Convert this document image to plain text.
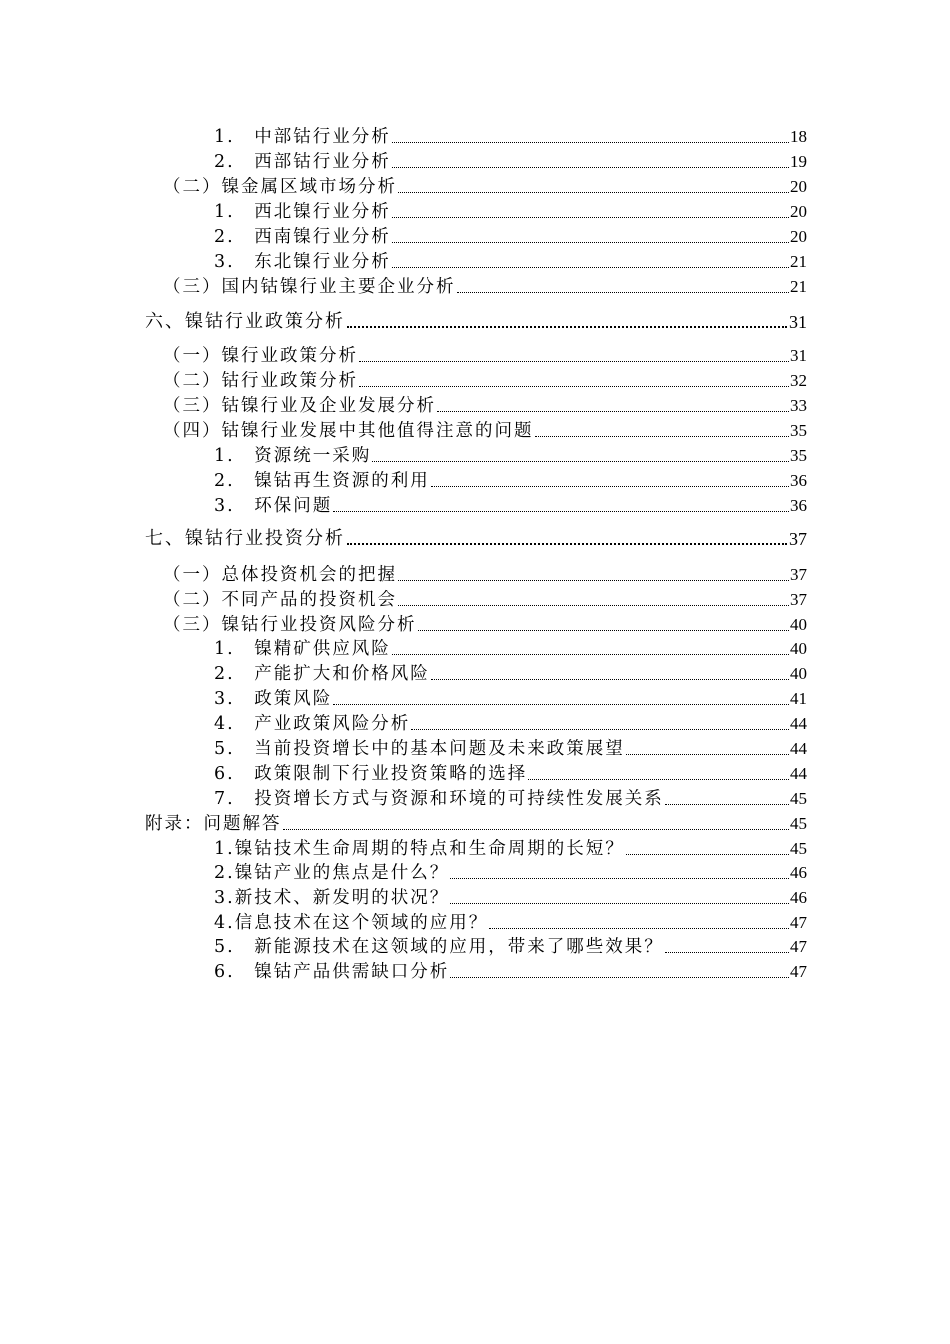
1.　中部钴行业分析	18
2.　西部钴行业分析	19
（二）镍金属区域市场分析	20
1.　西北镍行业分析	20
2.　西南镍行业分析	20
3.　东北镍行业分析	21
（三）国内钴镍行业主要企业分析	21
六、镍钴行业政策分析	31
（一）镍行业政策分析	31
（二）钴行业政策分析	32
（三）钴镍行业及企业发展分析	33
（四）钴镍行业发展中其他值得注意的问题	35
1.　资源统一采购	35
2.　镍钴再生资源的利用	36
3.　环保问题	36
七、镍钴行业投资分析	37
（一）总体投资机会的把握	37
（二）不同产品的投资机会	37
（三）镍钴行业投资风险分析	40
1.　镍精矿供应风险	40
2.　产能扩大和价格风险	40
3.　政策风险	41
4.　产业政策风险分析	44
5.　当前投资增长中的基本问题及未来政策展望	44
6.　政策限制下行业投资策略的选择	44
7.　投资增长方式与资源和环境的可持续性发展关系	45
附录：问题解答	45
1.镍钴技术生命周期的特点和生命周期的长短？	45
2.镍钴产业的焦点是什么？	46
3.新技术、新发明的状况？	46
4.信息技术在这个领域的应用？	47
5.　新能源技术在这领域的应用，带来了哪些效果？	47
6.　镍钴产品供需缺口分析	47
